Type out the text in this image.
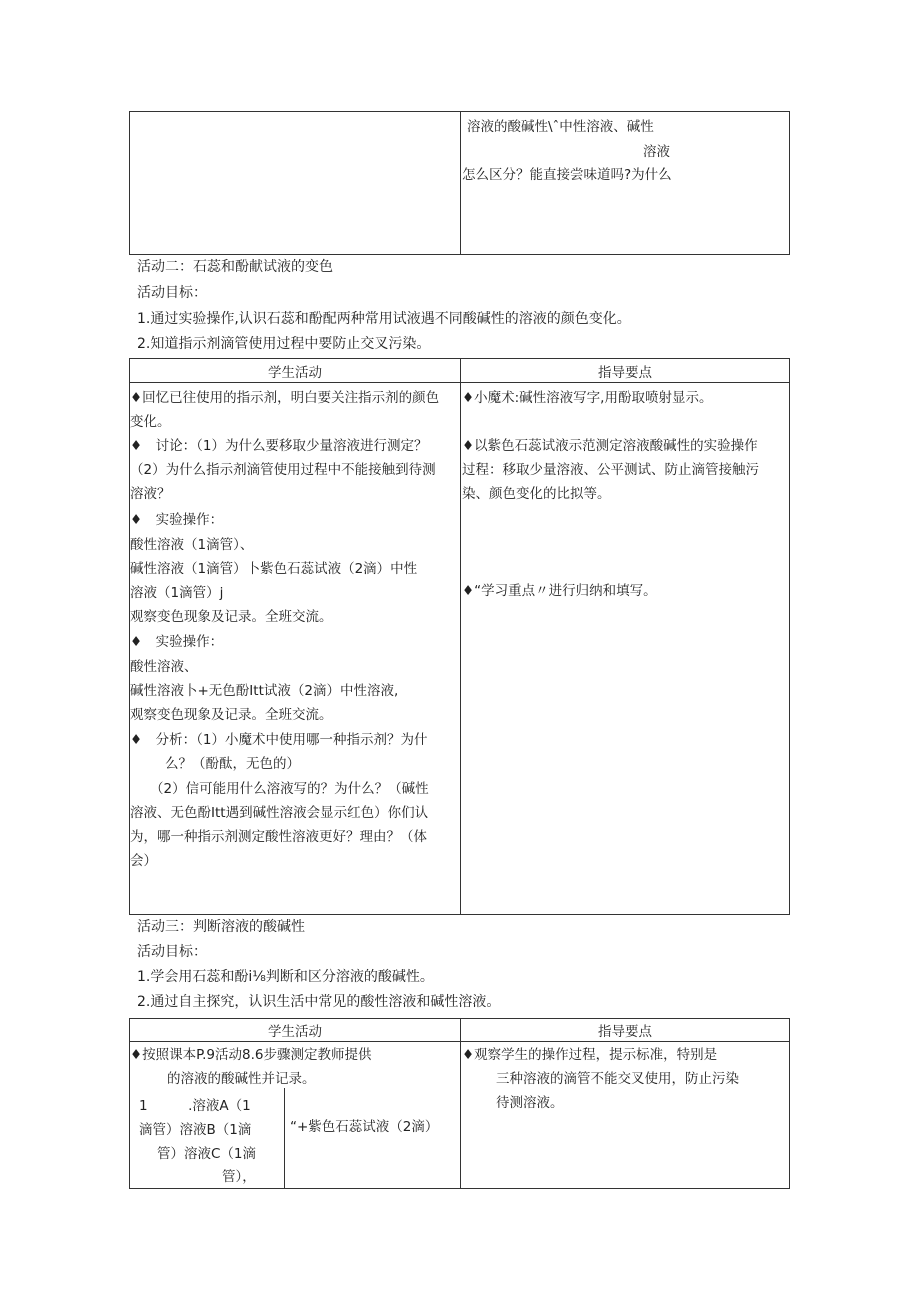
溶液的酸碱性\ˆ中性溶液、碱性
溶液
怎么区分？能直接尝味道吗?为什么
活动二：石蕊和酚献试液的变色
活动目标：
1.通过实验操作,认识石蕊和酚配两种常用试液遇不同酸碱性的溶液的颜色变化。
2.知道指示剂滴管使用过程中要防止交叉污染。
学生活动	指导要点
♦回忆已往使用的指示剂，明白要关注指示剂的颜色
变化。
♦　讨论：（1）为什么要移取少量溶液进行测定？
（2）为什么指示剂滴管使用过程中不能接触到待测
溶液？
♦　实验操作：
酸性溶液（1滴管）、
碱性溶液（1滴管）卜紫色石蕊试液（2滴）中性
溶液（1滴管）j
观察变色现象及记录。全班交流。
♦　实验操作：
酸性溶液、
碱性溶液卜+无色酚Itt试液（2滴）中性溶液,
观察变色现象及记录。全班交流。
♦　分析：（1）小魔术中使用哪一种指示剂？为什
么？（酚酞，无色的）
（2）信可能用什么溶液写的？为什么？（碱性
溶液、无色酚Itt遇到碱性溶液会显示红色）你们认
为，哪一种指示剂测定酸性溶液更好？理由？（体
会）
♦小魔术:碱性溶液写字,用酚取喷射显示。
♦以紫色石蕊试液示范测定溶液酸碱性的实验操作
过程：移取少量溶液、公平测试、防止滴管接触污
染、颜色变化的比拟等。
♦“学习重点〃进行归纳和填写。
活动三：判断溶液的酸碱性
活动目标：
1.学会用石蕊和酚i⅛判断和区分溶液的酸碱性。
2.通过自主探究，认识生活中常见的酸性溶液和碱性溶液。
学生活动	指导要点
♦按照课本P.9活动8.6步骤测定教师提供
的溶液的酸碱性并记录。
1　　　.溶液A（1
滴管）溶液B（1滴
管）溶液C（1滴
管），
“+紫色石蕊试液（2滴）
♦观察学生的操作过程，提示标准，特别是
三种溶液的滴管不能交叉使用，防止污染
待测溶液。
